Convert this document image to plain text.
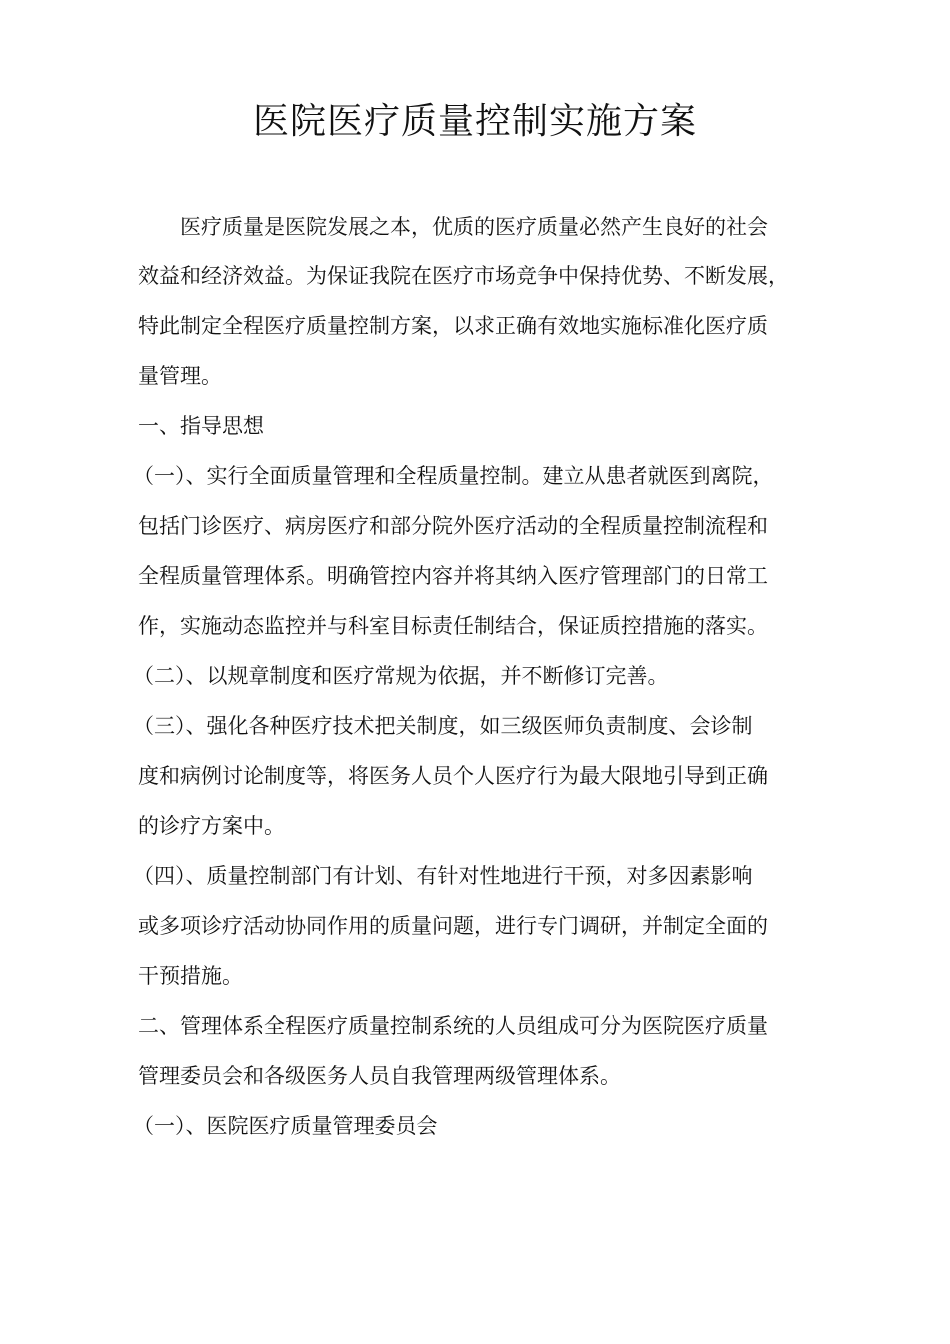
医院医疗质量控制实施方案
医疗质量是医院发展之本，优质的医疗质量必然产生良好的社会
效益和经济效益。为保证我院在医疗市场竞争中保持优势、不断发展，
特此制定全程医疗质量控制方案，以求正确有效地实施标准化医疗质
量管理。
一、指导思想
（一）、实行全面质量管理和全程质量控制。建立从患者就医到离院，
包括门诊医疗、病房医疗和部分院外医疗活动的全程质量控制流程和
全程质量管理体系。明确管控内容并将其纳入医疗管理部门的日常工
作，实施动态监控并与科室目标责任制结合，保证质控措施的落实。
（二）、以规章制度和医疗常规为依据，并不断修订完善。
（三）、强化各种医疗技术把关制度，如三级医师负责制度、会诊制
度和病例讨论制度等，将医务人员个人医疗行为最大限地引导到正确
的诊疗方案中。
（四）、质量控制部门有计划、有针对性地进行干预，对多因素影响
或多项诊疗活动协同作用的质量问题，进行专门调研，并制定全面的
干预措施。
二、管理体系全程医疗质量控制系统的人员组成可分为医院医疗质量
管理委员会和各级医务人员自我管理两级管理体系。
（一）、医院医疗质量管理委员会
